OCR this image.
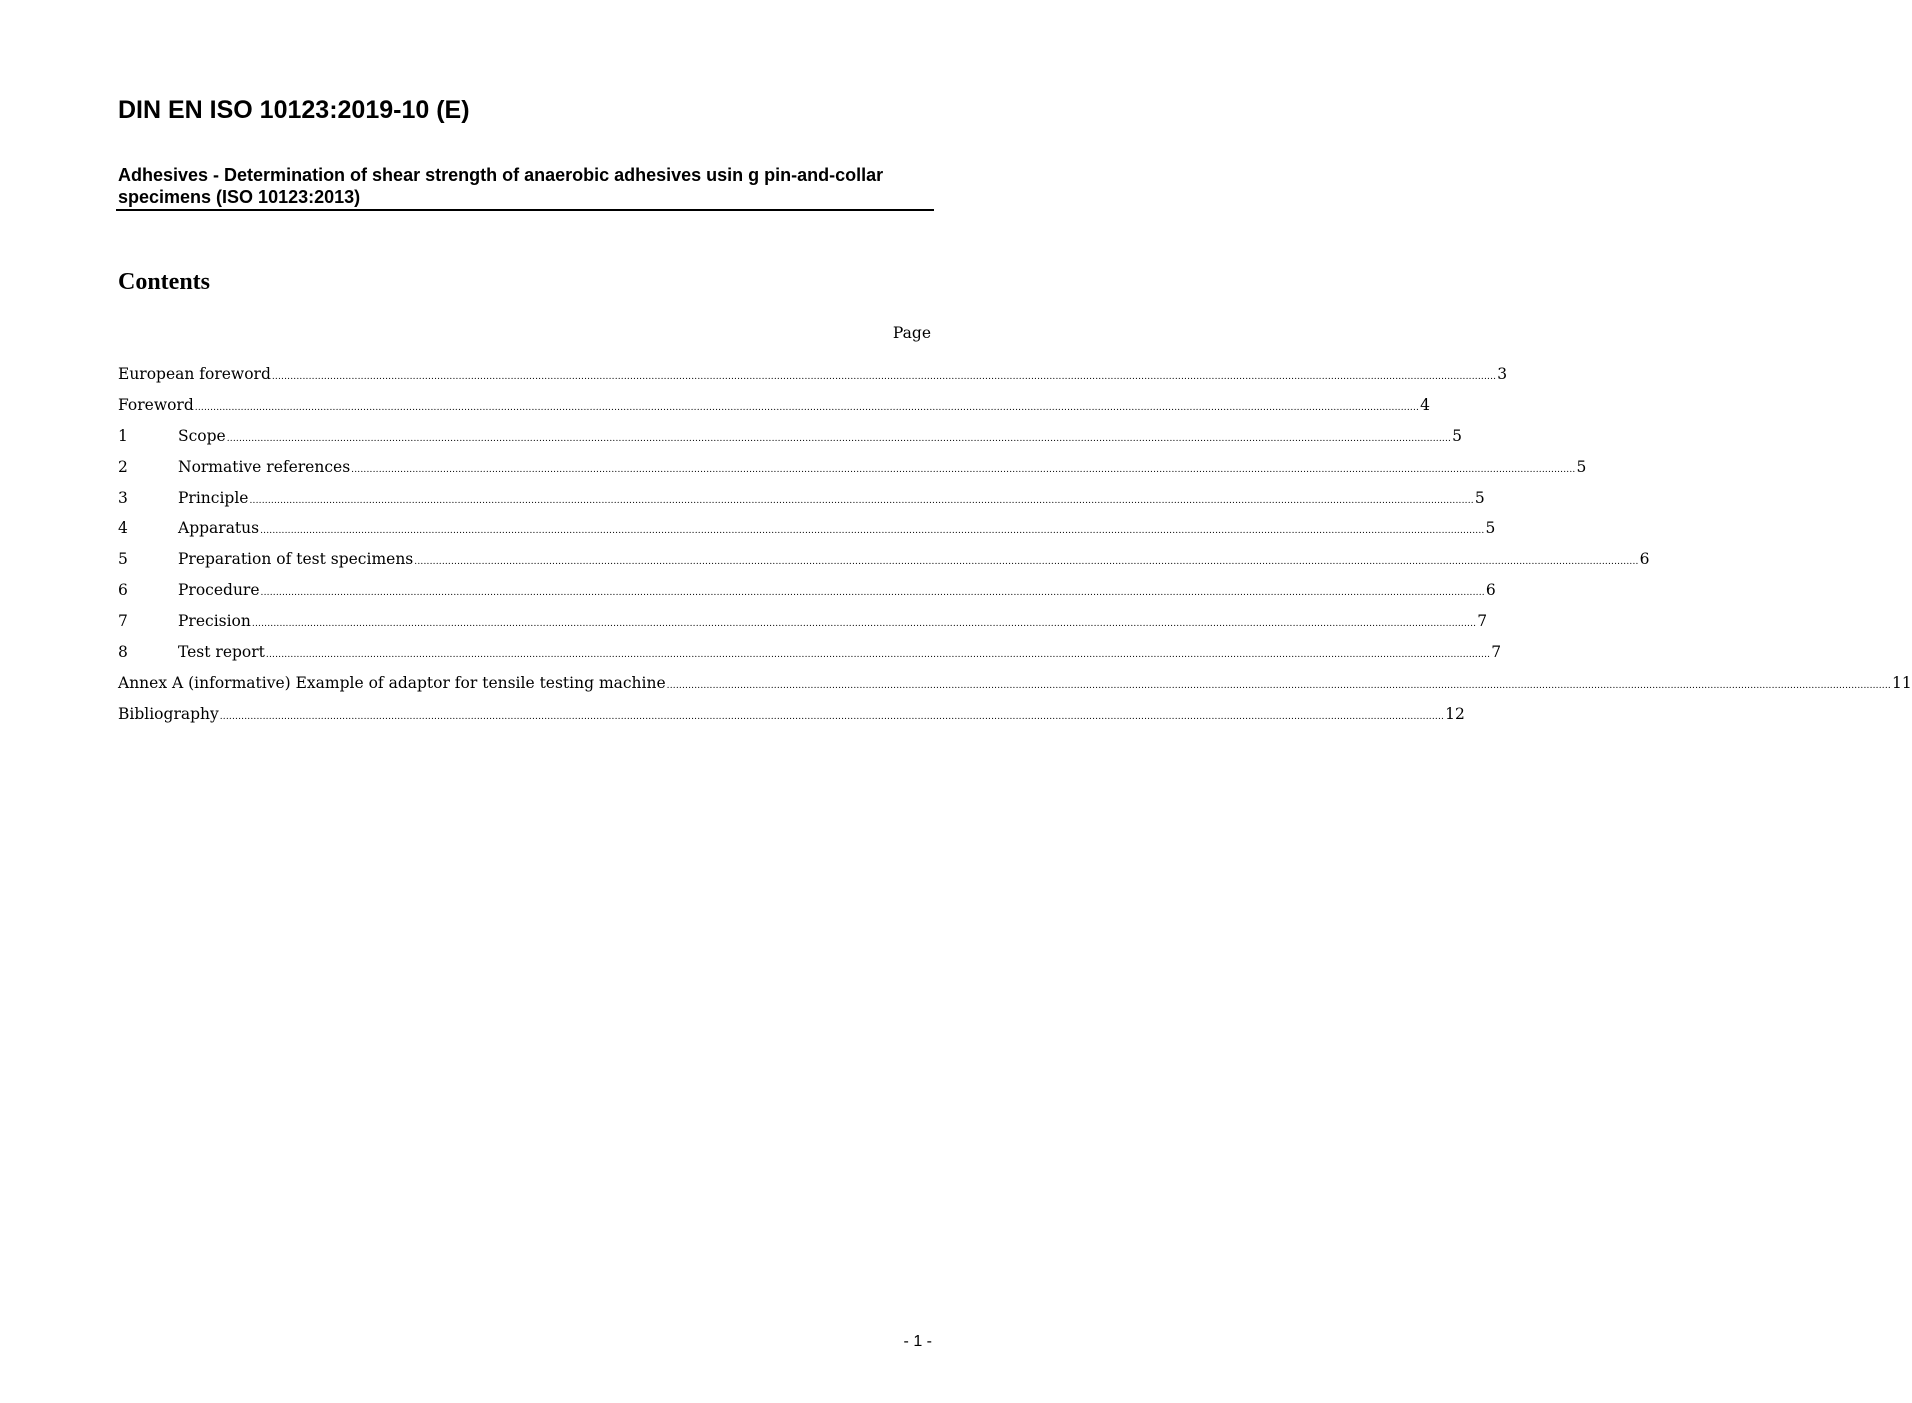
DIN EN ISO 10123:2019-10 (E)
Adhesives - Determination of shear strength of anaerobic adhesives usin g pin-and-collar specimens (ISO 10123:2013)
Contents
Page
European foreword ................................................................................................................................................................................................................................................................................................................................................................................................................ 3
Foreword ................................................................................................................................................................................................................................................................................................................................................................................................................ 4
1	Scope ................................................................................................................................................................................................................................................................................................................................................................................................................ 5
2	Normative references ................................................................................................................................................................................................................................................................................................................................................................................................................ 5
3	Principle ................................................................................................................................................................................................................................................................................................................................................................................................................ 5
4	Apparatus ................................................................................................................................................................................................................................................................................................................................................................................................................ 5
5	Preparation of test specimens ................................................................................................................................................................................................................................................................................................................................................................................................................ 6
6	Procedure ................................................................................................................................................................................................................................................................................................................................................................................................................ 6
7	Precision ................................................................................................................................................................................................................................................................................................................................................................................................................ 7
8	Test report ................................................................................................................................................................................................................................................................................................................................................................................................................ 7
Annex A (informative) Example of adaptor for tensile testing machine ................................................................................................................................................................................................................................................................................................................................................................................................................ 11
Bibliography ................................................................................................................................................................................................................................................................................................................................................................................................................ 12
- 1 -
